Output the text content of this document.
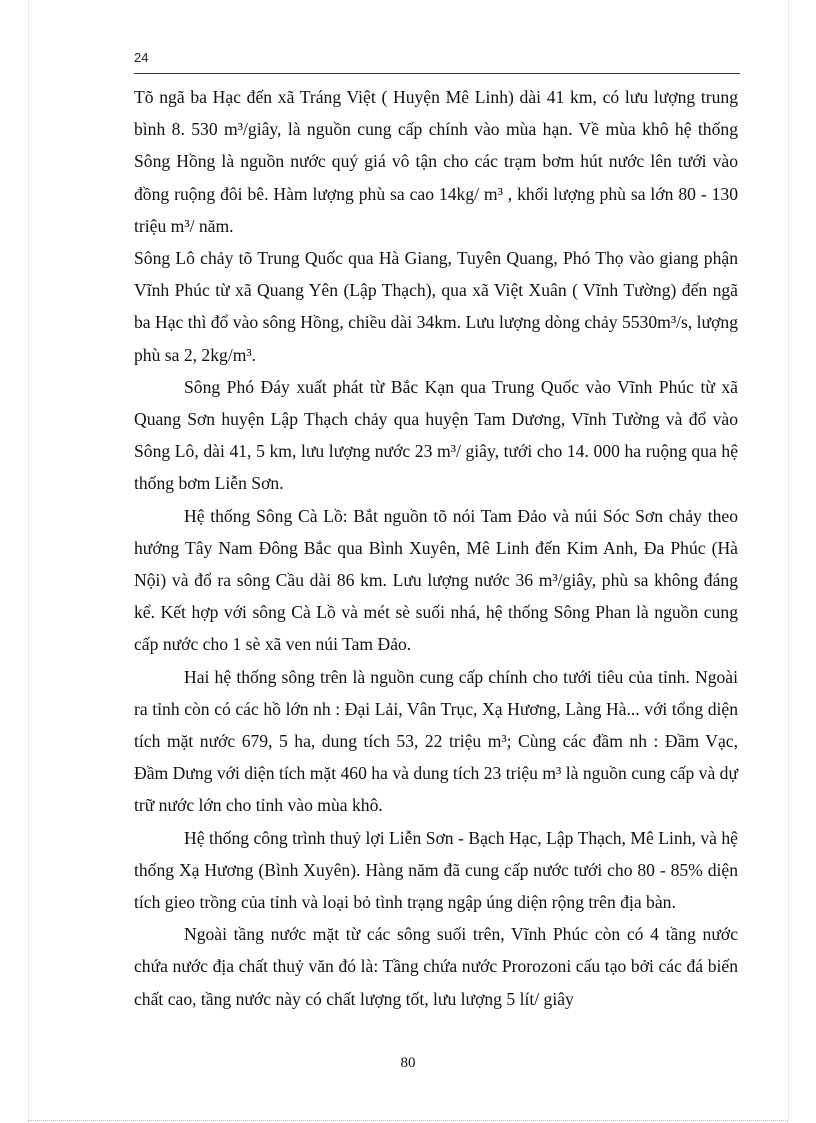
24

Tõ ngã ba Hạc đến xã Tráng Việt ( Huyện Mê Linh) dài 41 km, có lưu lượng trung bình 8. 530 m³/giây, là nguồn cung cấp chính vào mùa hạn. Về mùa khô hệ thống Sông Hồng là nguồn nước quý giá vô tận cho các trạm bơm hút nước lên tưới vào đồng ruộng đôi bê. Hàm lượng phù sa cao 14kg/ m³ , khối lượng phù sa lớn 80 - 130 triệu m³/ năm.

Sông Lô chảy tõ Trung Quốc qua Hà Giang, Tuyên Quang, Phó Thọ vào giang phận Vĩnh Phúc từ xã Quang Yên (Lập Thạch), qua xã Việt Xuân ( Vĩnh Tường) đến ngã ba Hạc thì đổ vào sông Hồng, chiều dài 34km. Lưu lượng dòng chảy 5530m³/s, lượng phù sa 2, 2kg/m³.

Sông Phó Đáy xuất phát từ Bắc Kạn qua Trung Quốc vào Vĩnh Phúc từ xã Quang Sơn huyện Lập Thạch chảy qua huyện Tam Dương, Vĩnh Tường và đổ vào Sông Lô, dài 41, 5 km, lưu lượng nước 23 m³/ giây, tưới cho 14. 000 ha ruộng qua hệ thống bơm Liễn Sơn.

Hệ thống Sông Cà Lồ: Bắt nguồn tõ nói Tam Đảo và núi Sóc Sơn chảy theo hướng Tây Nam Đông Bắc qua Bình Xuyên, Mê Linh đến Kim Anh, Đa Phúc (Hà Nội) và đổ ra sông Cầu dài 86 km. Lưu lượng nước 36 m³/giây, phù sa không đáng kể. Kết hợp với sông Cà Lồ và mét sè suối nhá, hệ thống Sông Phan là nguồn cung cấp nước cho 1 sè xã ven núi Tam Đảo.

Hai hệ thống sông trên là nguồn cung cấp chính cho tưới tiêu của tỉnh. Ngoài ra tỉnh còn có các hồ lớn nh : Đại Lải, Vân Trục, Xạ Hương, Làng Hà... với tổng diện tích mặt nước 679, 5 ha, dung tích 53, 22 triệu m³; Cùng các đầm nh : Đầm Vạc, Đầm Dưng với diện tích mặt 460 ha và dung tích 23 triệu m³ là nguồn cung cấp và dự trữ nước lớn cho tỉnh vào mùa khô.

Hệ thống công trình thuỷ lợi Liễn Sơn - Bạch Hạc, Lập Thạch, Mê Linh, và hệ thống Xạ Hương (Bình Xuyên). Hàng năm đã cung cấp nước tưới cho 80 - 85% diện tích gieo trồng của tỉnh và loại bỏ tình trạng ngập úng diện rộng trên địa bàn.

Ngoài tầng nước mặt từ các sông suối trên, Vĩnh Phúc còn có 4 tầng nước chứa nước địa chất thuỷ văn đó là: Tầng chứa nước Prorozoni cấu tạo bởi các đá biến chất cao, tầng nước này có chất lượng tốt, lưu lượng 5 lít/ giây

80
